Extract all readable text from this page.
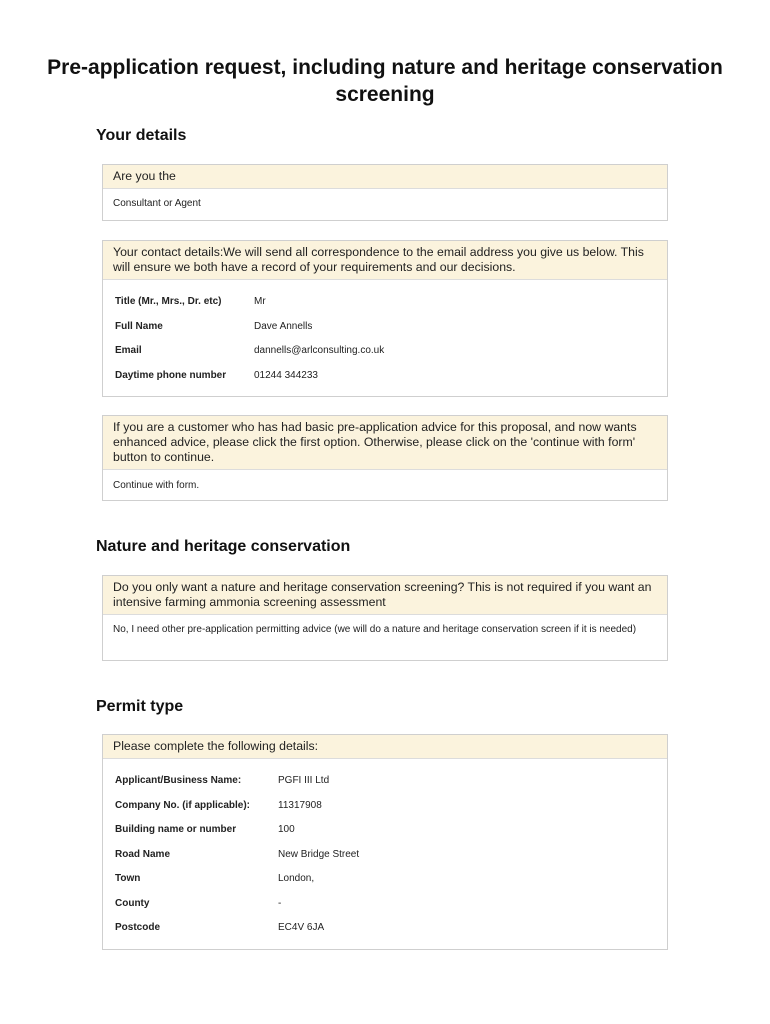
Pre-application request, including nature and heritage conservation screening
Your details
Are you the
Consultant or Agent
Your contact details:We will send all correspondence to the email address you give us below. This will ensure we both have a record of your requirements and our decisions.
Title (Mr., Mrs., Dr. etc)	Mr
Full Name	Dave Annells
Email	dannells@arlconsulting.co.uk
Daytime phone number	01244 344233
If you are a customer who has had basic pre-application advice for this proposal, and now wants enhanced advice, please click the first option. Otherwise, please click on the 'continue with form' button to continue.
Continue with form.
Nature and heritage conservation
Do you only want a nature and heritage conservation screening? This is not required if you want an intensive farming ammonia screening assessment
No, I need other pre-application permitting advice (we will do a nature and heritage conservation screen if it is needed)
Permit type
Please complete the following details:
Applicant/Business Name:	PGFI III Ltd
Company No. (if applicable):	11317908
Building name or number	100
Road Name	New Bridge Street
Town	London,
County	-
Postcode	EC4V 6JA
